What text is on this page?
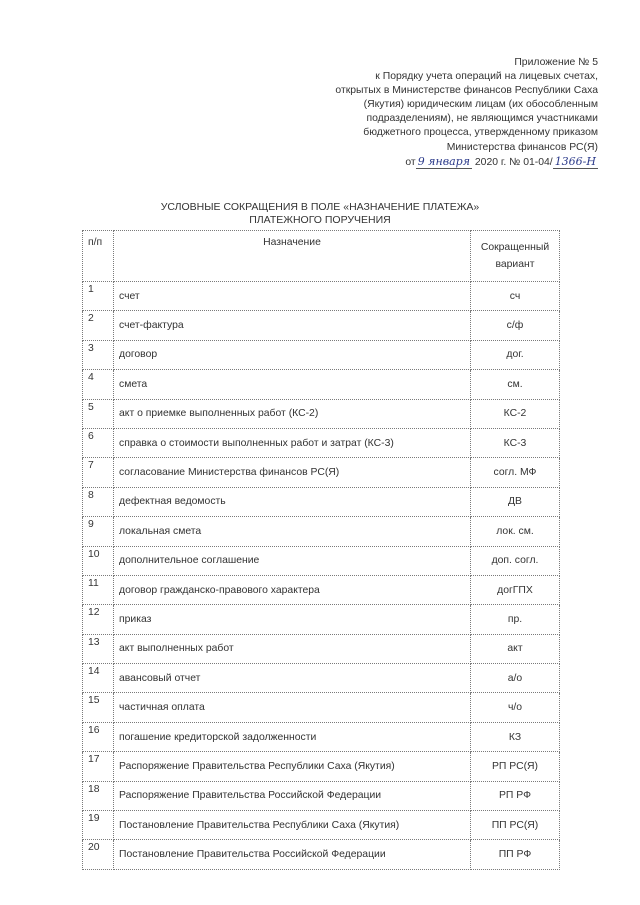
Приложение № 5
к Порядку учета операций на лицевых счетах,
открытых в Министерстве финансов Республики Саха
(Якутия) юридическим лицам (их обособленным
подразделениям), не являющимся участниками
бюджетного процесса, утвержденному приказом
Министерства финансов РС(Я)
от 9 января 2020 г. № 01-04/ 1366-Н
УСЛОВНЫЕ СОКРАЩЕНИЯ В ПОЛЕ «НАЗНАЧЕНИЕ ПЛАТЕЖА»
ПЛАТЕЖНОГО ПОРУЧЕНИЯ
п/п	Назначение	Сокращенный
вариант
1	счет	сч
2	счет-фактура	с/ф
3	договор	дог.
4	смета	см.
5	акт о приемке выполненных работ (КС-2)	КС-2
6	справка о стоимости выполненных работ и затрат (КС-3)	КС-3
7	согласование Министерства финансов РС(Я)	согл. МФ
8	дефектная ведомость	ДВ
9	локальная смета	лок. см.
10	дополнительное соглашение	доп. согл.
11	договор гражданско-правового характера	догГПХ
12	приказ	пр.
13	акт выполненных работ	акт
14	авансовый отчет	а/о
15	частичная оплата	ч/о
16	погашение кредиторской задолженности	КЗ
17	Распоряжение Правительства Республики Саха (Якутия)	РП РС(Я)
18	Распоряжение Правительства Российской Федерации	РП РФ
19	Постановление Правительства Республики Саха (Якутия)	ПП РС(Я)
20	Постановление Правительства Российской Федерации	ПП РФ
